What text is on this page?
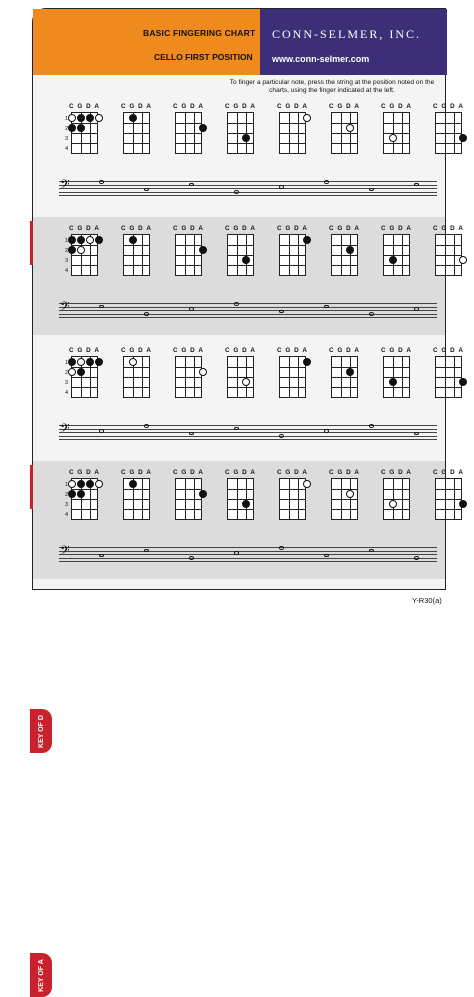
BASIC FINGERING CHART
CELLO FIRST POSITION
CONN-SELMER, INC.
www.conn-selmer.com
To finger a particular note, press the string at the position noted on the charts, using the finger indicated at the left.
C G D A
1
2
3
4
C G D A	C G D A	C G D A	C G D A	C G D A	C G D A	C G D A
𝄢
C G D A
1
2
3
4
C G D A	C G D A	C G D A	C G D A	C G D A	C G D A	C G D A
𝄢
KEY OF D
C G D A
1
2
3
4
C G D A	C G D A	C G D A	C G D A	C G D A	C G D A	C G D A
𝄢
KEY OF A
C G D A
1
2
3
4
C G D A	C G D A	C G D A	C G D A	C G D A	C G D A	C G D A
𝄢
Y-R30(a)
